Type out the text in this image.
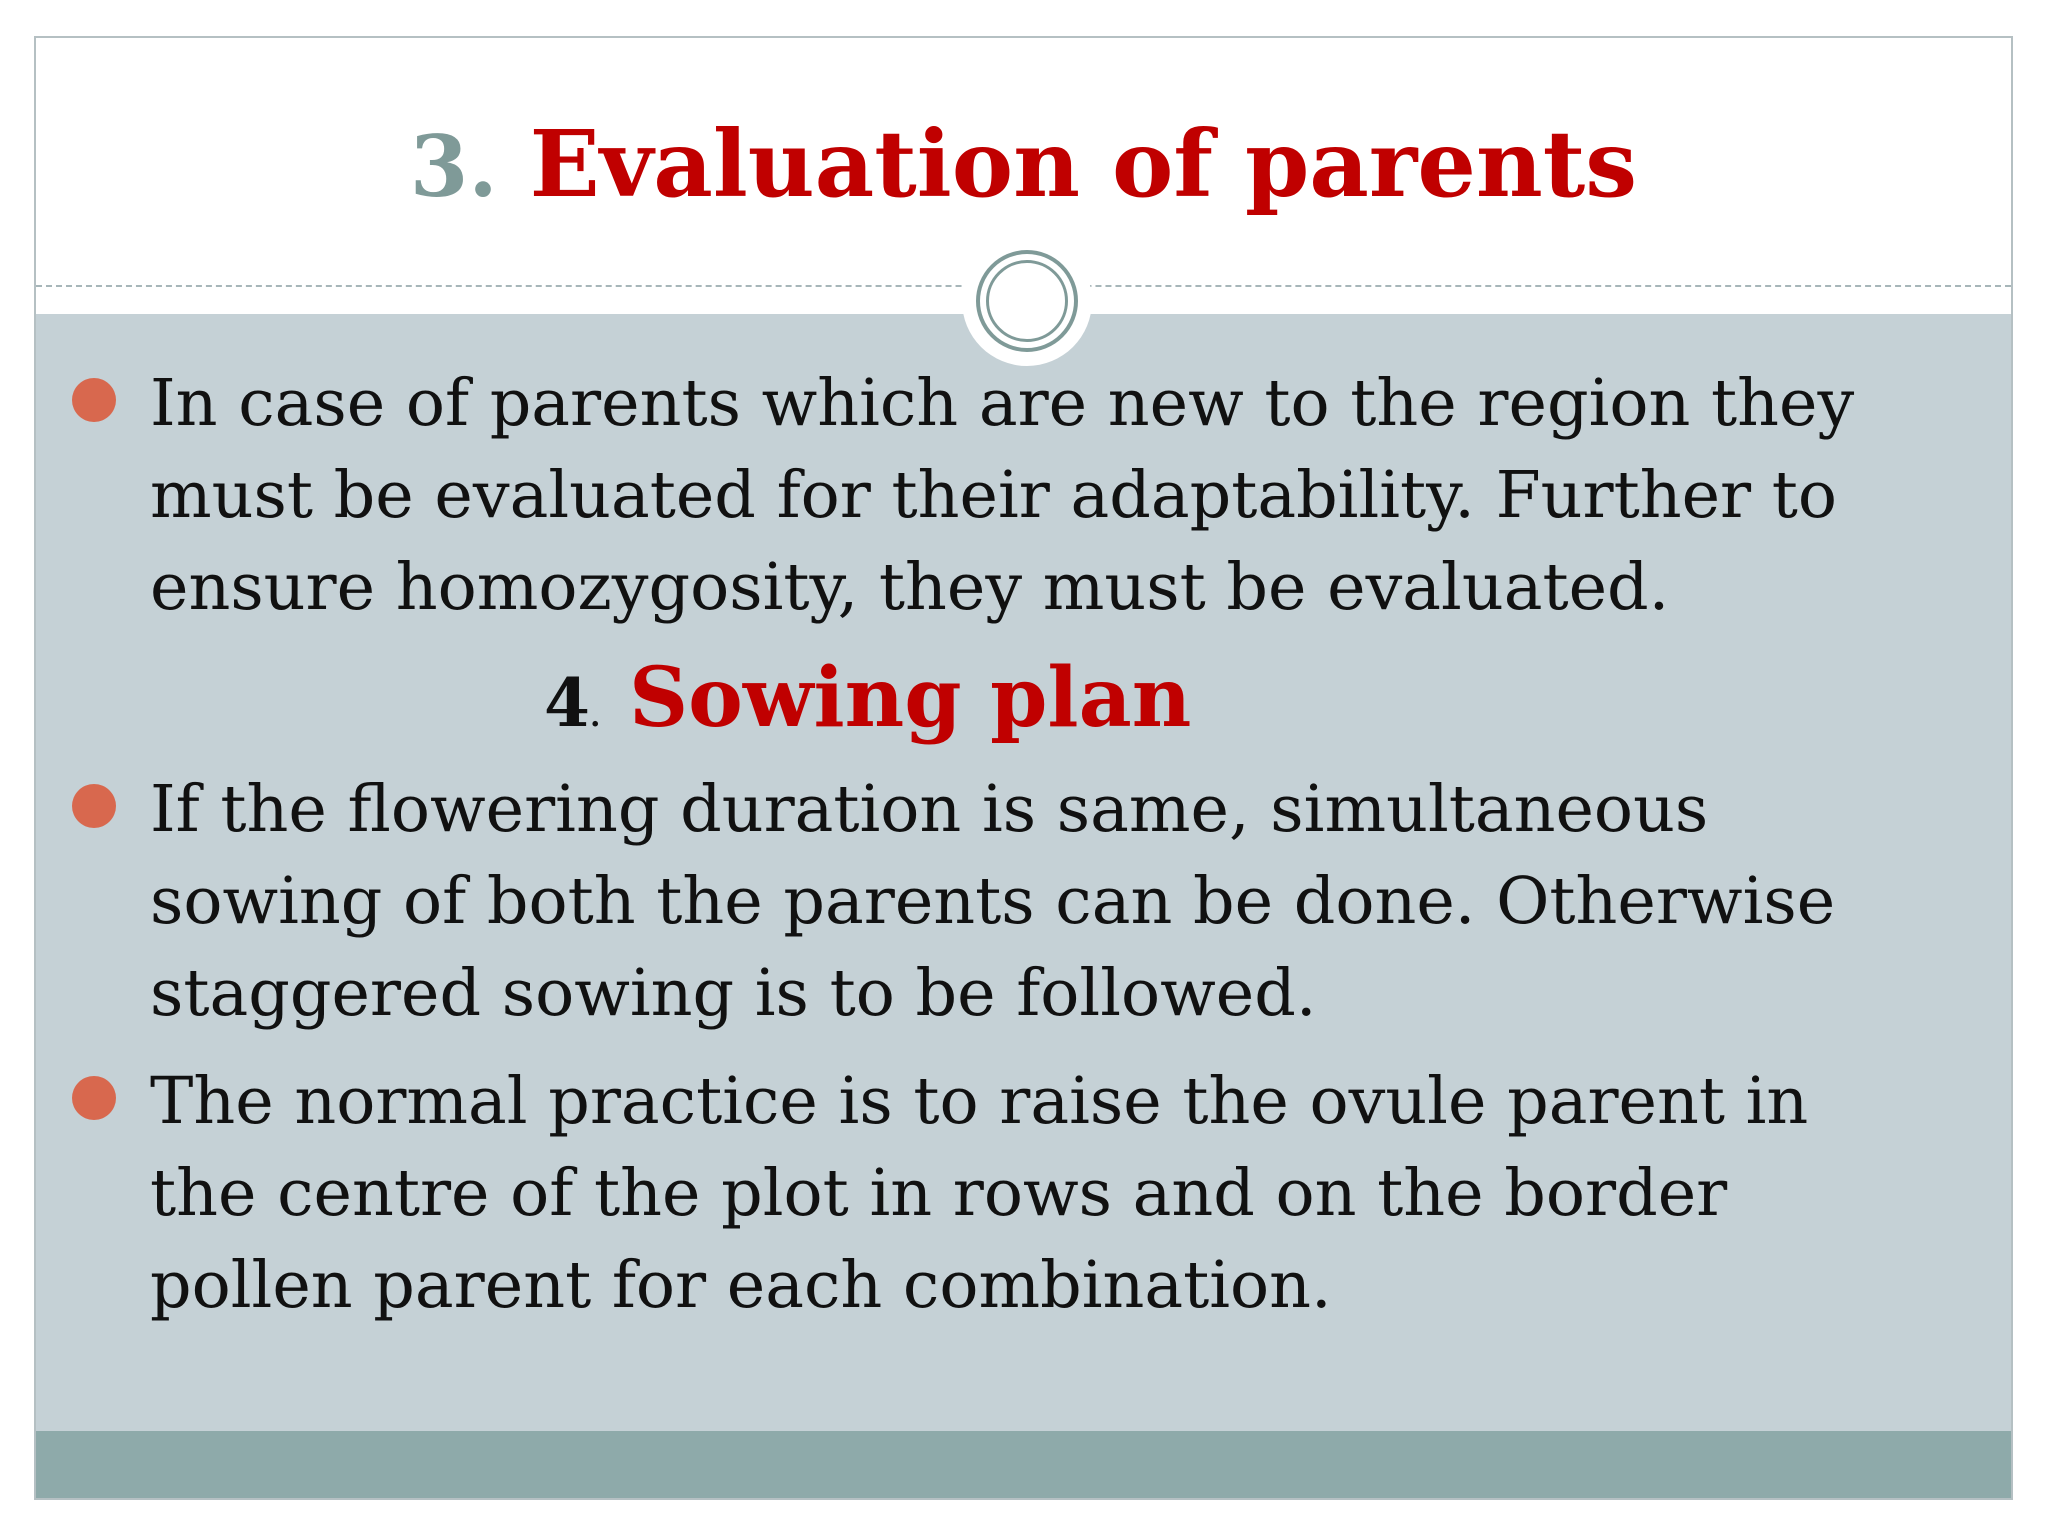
3. Evaluation of parents
In case of parents which are new to the region they
must be evaluated for their adaptability. Further to
ensure homozygosity, they must be evaluated.
4. Sowing plan
If the flowering duration is same, simultaneous
sowing of both the parents can be done. Otherwise
staggered sowing is to be followed.
The normal practice is to raise the ovule parent in
the centre of the plot in rows and on the border
pollen parent for each combination.
